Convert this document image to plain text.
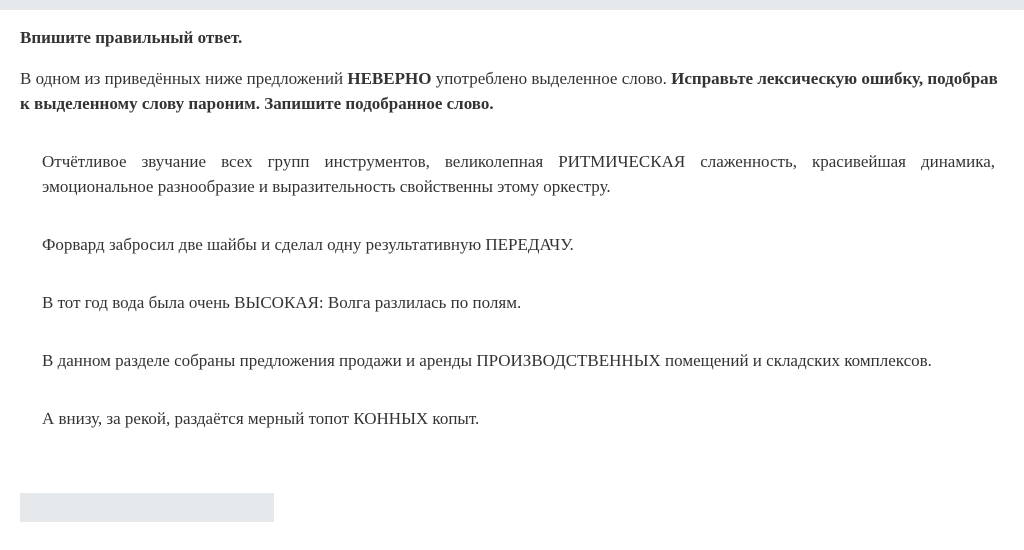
Впишите правильный ответ.

В одном из приведённых ниже предложений НЕВЕРНО употреблено выделенное слово. Исправьте лексическую ошибку, подобрав
к выделенному слову пароним. Запишите подобранное слово.

Отчётливое звучание всех групп инструментов, великолепная РИТМИЧЕСКАЯ слаженность, красивейшая динамика, эмоциональное разнообразие и выразительность свойственны этому оркестру.

Форвард забросил две шайбы и сделал одну результативную ПЕРЕДАЧУ.

В тот год вода была очень ВЫСОКАЯ: Волга разлилась по полям.

В данном разделе собраны предложения продажи и аренды ПРОИЗВОДСТВЕННЫХ помещений и складских комплексов.

А внизу, за рекой, раздаётся мерный топот КОННЫХ копыт.
